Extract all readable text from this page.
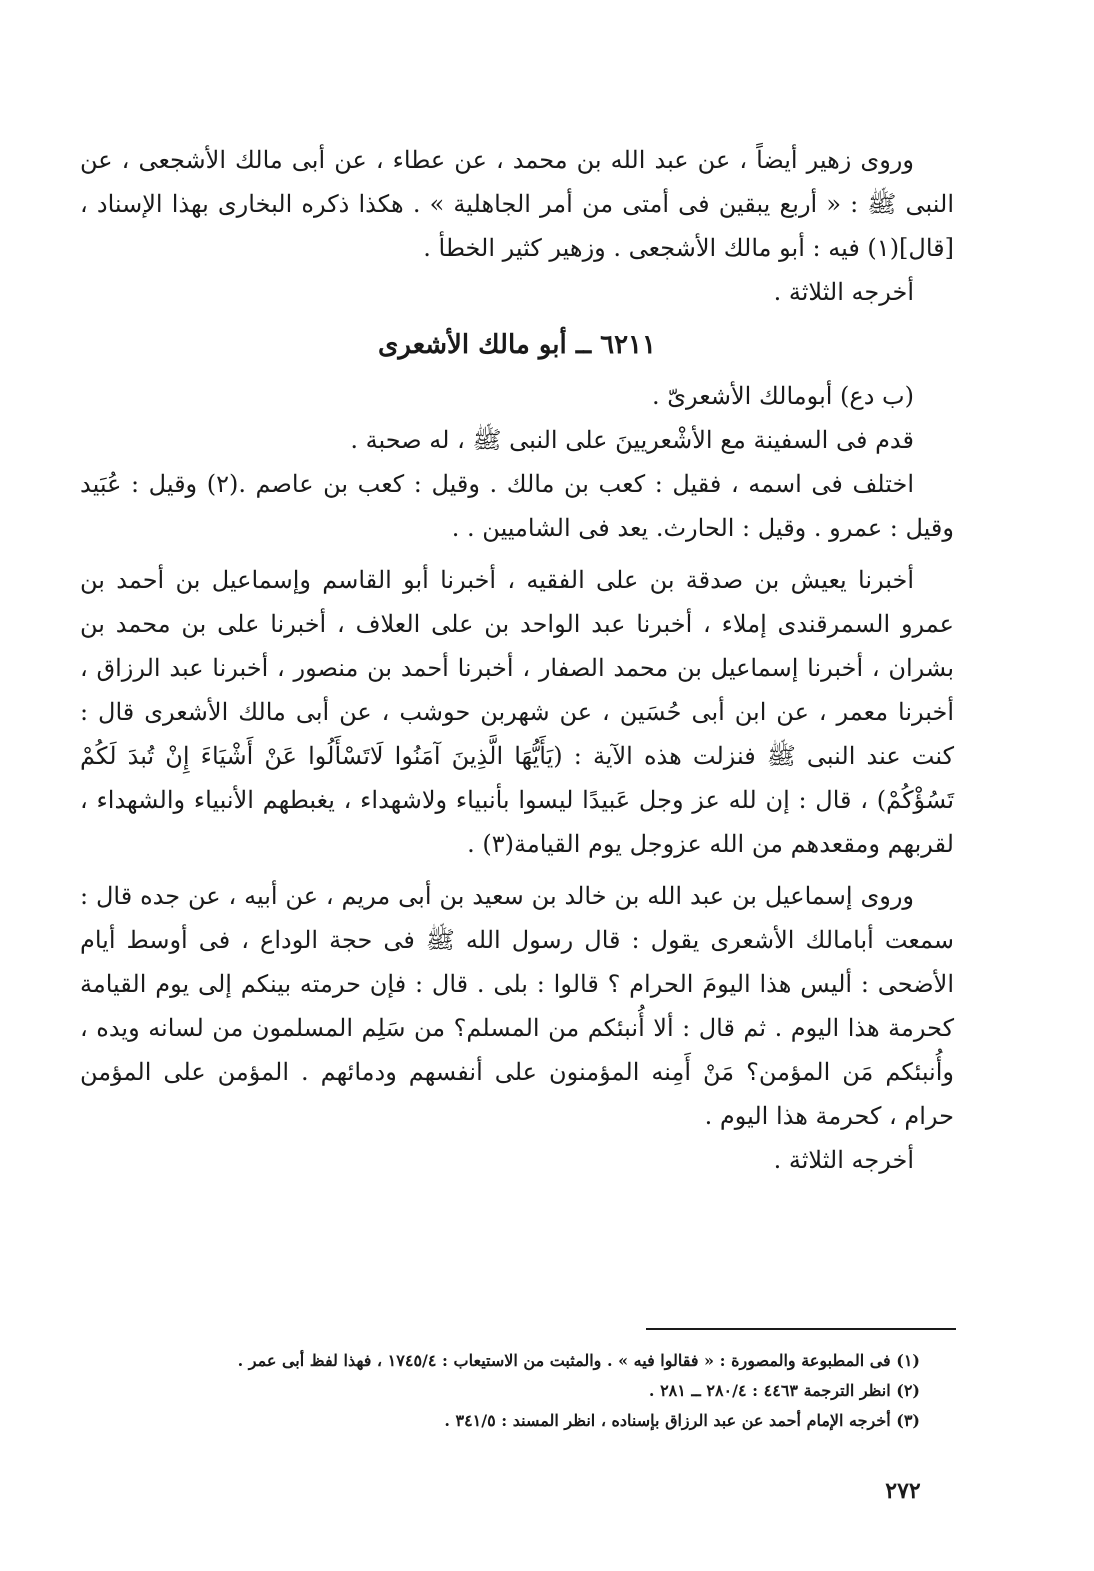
وروى زهير أيضاً ، عن عبد الله بن محمد ، عن عطاء ، عن أبى مالك الأشجعى ، عن النبى ﷺ : « أربع يبقين فى أمتى من أمر الجاهلية » . هكذا ذكره البخارى بهذا الإسناد ، [قال](١) فيه : أبو مالك الأشجعى . وزهير كثير الخطأ .

أخرجه الثلاثة .

٦٢١١ ــ أبو مالك الأشعرى

(ب دع) أبومالك الأشعرىّ .

قدم فى السفينة مع الأشْعريينَ على النبى ﷺ ، له صحبة .

اختلف فى اسمه ، فقيل : كعب بن مالك . وقيل : كعب بن عاصم .(٢) وقيل : عُبَيد وقيل : عمرو . وقيل : الحارث. يعد فى الشاميين . .

أخبرنا يعيش بن صدقة بن على الفقيه ، أخبرنا أبو القاسم وإسماعيل بن أحمد بن عمرو السمرقندى إملاء ، أخبرنا عبد الواحد بن على العلاف ، أخبرنا على بن محمد بن بشران ، أخبرنا إسماعيل بن محمد الصفار ، أخبرنا أحمد بن منصور ، أخبرنا عبد الرزاق ، أخبرنا معمر ، عن ابن أبى حُسَين ، عن شهربن حوشب ، عن أبى مالك الأشعرى قال : كنت عند النبى ﷺ فنزلت هذه الآية : (يَأَيُّهَا الَّذِينَ آمَنُوا لَاتَسْأَلُوا عَنْ أَشْيَاءَ إِنْ تُبدَ لَكُمْ تَسُؤْكُمْ) ، قال : إن لله عز وجل عَبيدًا ليسوا بأنبياء ولاشهداء ، يغبطهم الأنبياء والشهداء ، لقربهم ومقعدهم من الله عزوجل يوم القيامة(٣) .

وروى إسماعيل بن عبد الله بن خالد بن سعيد بن أبى مريم ، عن أبيه ، عن جده قال : سمعت أبامالك الأشعرى يقول : قال رسول الله ﷺ فى حجة الوداع ، فى أوسط أيام الأضحى : أليس هذا اليومَ الحرام ؟ قالوا : بلى . قال : فإن حرمته بينكم إلى يوم القيامة كحرمة هذا اليوم . ثم قال : ألا أُنبئكم من المسلم؟ من سَلِم المسلمون من لسانه ويده ، وأُنبئكم مَن المؤمن؟ مَنْ أَمِنه المؤمنون على أنفسهم ودمائهم . المؤمن على المؤمن حرام ، كحرمة هذا اليوم .

أخرجه الثلاثة .

(١) فى المطبوعة والمصورة : « فقالوا فيه » . والمثبت من الاستيعاب : ١٧٤٥/٤ ، فهذا لفظ أبى عمر .

(٢) انظر الترجمة ٤٤٦٣ : ٢٨٠/٤ ــ ٢٨١ .

(٣) أخرجه الإمام أحمد عن عبد الرزاق بإسناده ، انظر المسند : ٣٤١/٥ .

٢٧٢
